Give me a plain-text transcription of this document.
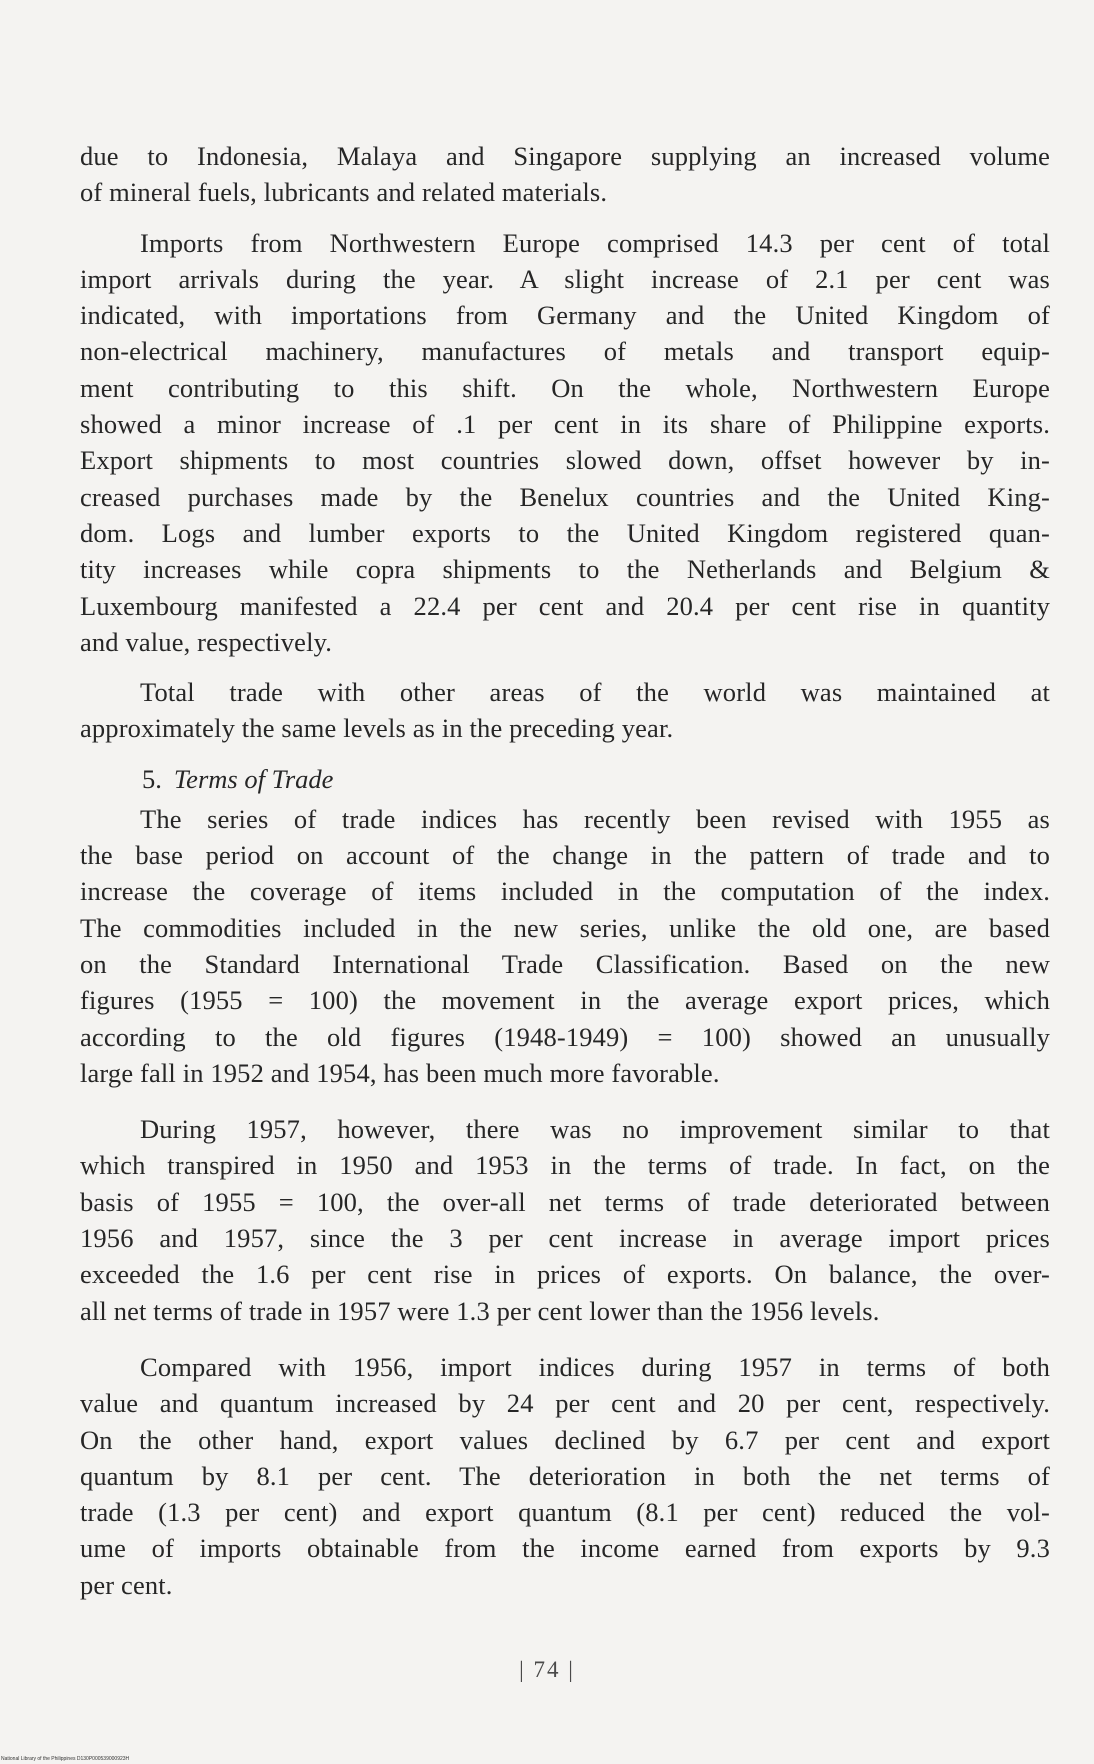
due to Indonesia, Malaya and Singapore supplying an increased volume
of mineral fuels, lubricants and related materials.

Imports from Northwestern Europe comprised 14.3 per cent of total
import arrivals during the year. A slight increase of 2.1 per cent was
indicated, with importations from Germany and the United Kingdom of
non-electrical machinery, manufactures of metals and transport equip-
ment contributing to this shift. On the whole, Northwestern Europe
showed a minor increase of .1 per cent in its share of Philippine exports.
Export shipments to most countries slowed down, offset however by in-
creased purchases made by the Benelux countries and the United King-
dom. Logs and lumber exports to the United Kingdom registered quan-
tity increases while copra shipments to the Netherlands and Belgium &
Luxembourg manifested a 22.4 per cent and 20.4 per cent rise in quantity
and value, respectively.

Total trade with other areas of the world was maintained at
approximately the same levels as in the preceding year.

5. Terms of Trade

The series of trade indices has recently been revised with 1955 as
the base period on account of the change in the pattern of trade and to
increase the coverage of items included in the computation of the index.
The commodities included in the new series, unlike the old one, are based
on the Standard International Trade Classification. Based on the new
figures (1955 = 100) the movement in the average export prices, which
according to the old figures (1948-1949) = 100) showed an unusually
large fall in 1952 and 1954, has been much more favorable.

During 1957, however, there was no improvement similar to that
which transpired in 1950 and 1953 in the terms of trade. In fact, on the
basis of 1955 = 100, the over-all net terms of trade deteriorated between
1956 and 1957, since the 3 per cent increase in average import prices
exceeded the 1.6 per cent rise in prices of exports. On balance, the over-
all net terms of trade in 1957 were 1.3 per cent lower than the 1956 levels.

Compared with 1956, import indices during 1957 in terms of both
value and quantum increased by 24 per cent and 20 per cent, respectively.
On the other hand, export values declined by 6.7 per cent and export
quantum by 8.1 per cent. The deterioration in both the net terms of
trade (1.3 per cent) and export quantum (8.1 per cent) reduced the vol-
ume of imports obtainable from the income earned from exports by 9.3
per cent.

| 74 |
National Library of the Philippines D130P000539000923H
